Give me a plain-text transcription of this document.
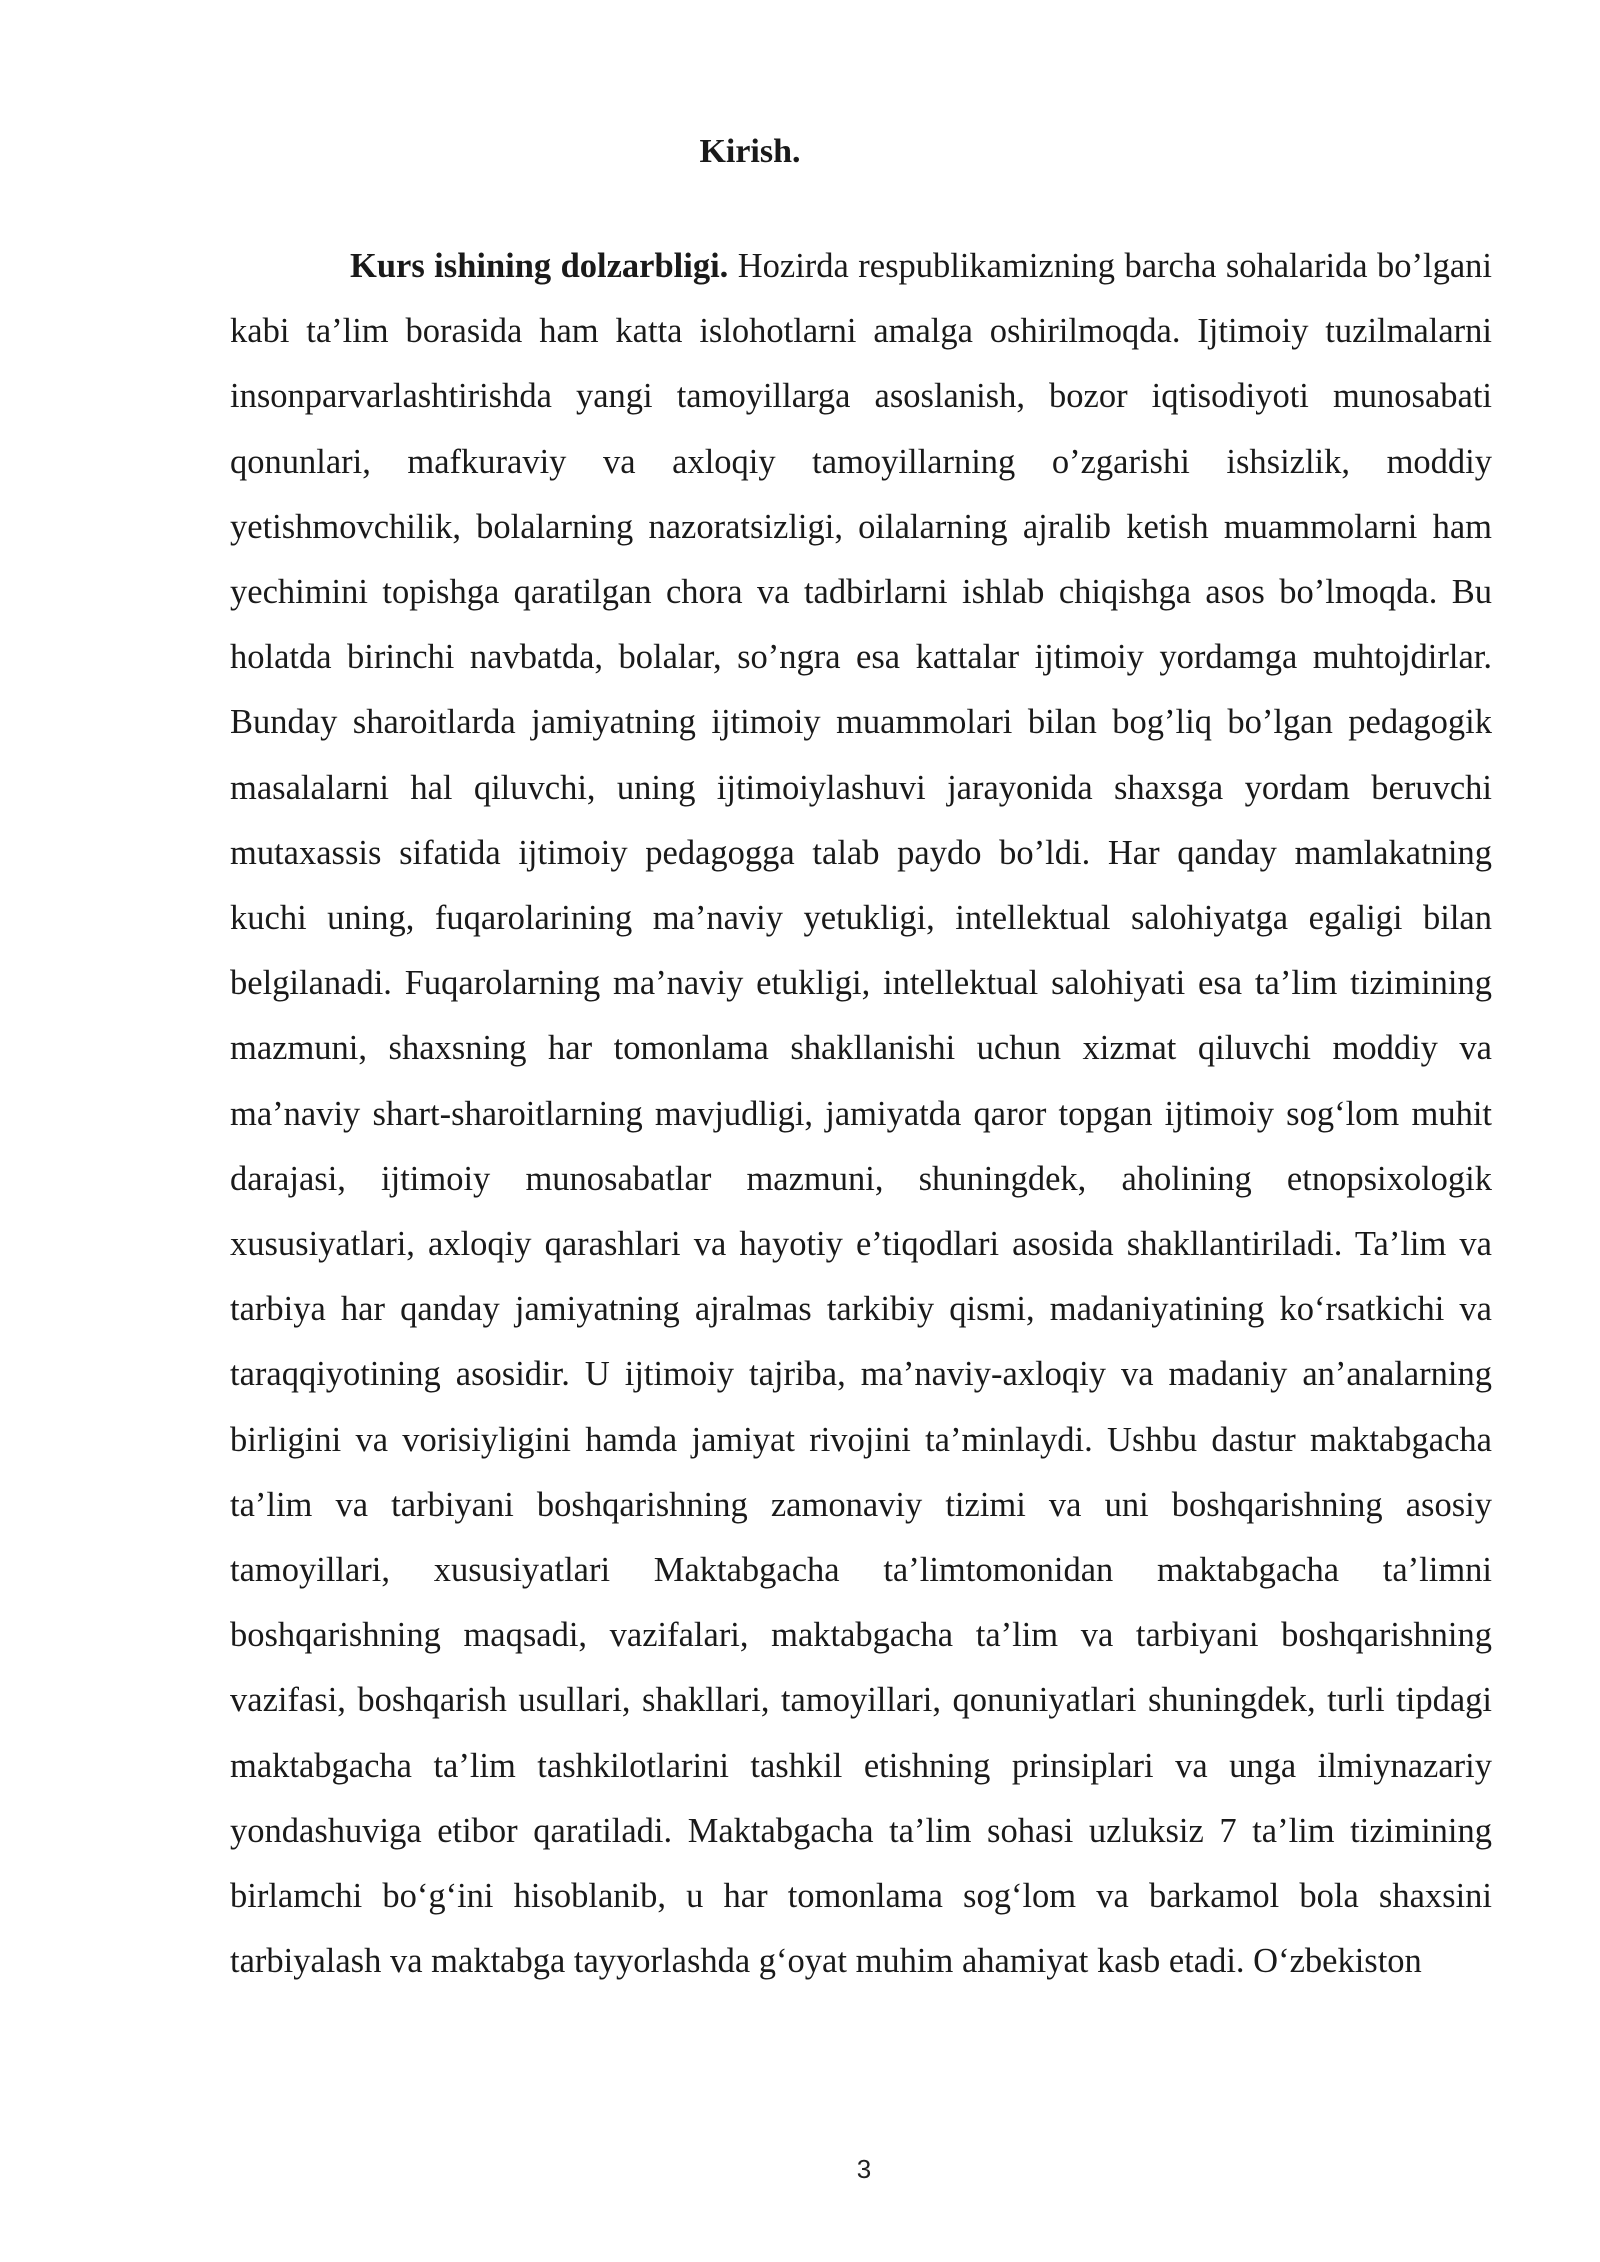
Kirish.

Kurs ishining dolzarbligi. Hozirda respublikamizning barcha sohalarida bo’lgani kabi ta’lim borasida ham katta islohotlarni amalga oshirilmoqda. Ijtimoiy tuzilmalarni insonparvarlashtirishda yangi tamoyillarga asoslanish, bozor iqtisodiyoti munosabati qonunlari, mafkuraviy va axloqiy tamoyillarning o’zgarishi ishsizlik, moddiy yetishmovchilik, bolalarning nazoratsizligi, oilalarning ajralib ketish muammolarni ham yechimini topishga qaratilgan chora va tadbirlarni ishlab chiqishga asos bo’lmoqda. Bu holatda birinchi navbatda, bolalar, so’ngra esa kattalar ijtimoiy yordamga muhtojdirlar. Bunday sharoitlarda jamiyatning ijtimoiy muammolari bilan bog’liq bo’lgan pedagogik masalalarni hal qiluvchi, uning ijtimoiylashuvi jarayonida shaxsga yordam beruvchi mutaxassis sifatida ijtimoiy pedagogga talab paydo bo’ldi. Har qanday mamlakatning kuchi uning, fuqarolarining ma’naviy yetukligi, intellektual salohiyatga egaligi bilan belgilanadi. Fuqarolarning ma’naviy etukligi, intellektual salohiyati esa ta’lim tizimining mazmuni, shaxsning har tomonlama shakllanishi uchun xizmat qiluvchi moddiy va ma’naviy shart-sharoitlarning mavjudligi, jamiyatda qaror topgan ijtimoiy sog‘lom muhit darajasi, ijtimoiy munosabatlar mazmuni, shuningdek, aholining etnopsixologik xususiyatlari, axloqiy qarashlari va hayotiy e’tiqodlari asosida shakllantiriladi. Ta’lim va tarbiya har qanday jamiyatning ajralmas tarkibiy qismi, madaniyatining ko‘rsatkichi va taraqqiyotining asosidir. U ijtimoiy tajriba, ma’naviy-axloqiy va madaniy an’analarning birligini va vorisiyligini hamda jamiyat rivojini ta’minlaydi. Ushbu dastur maktabgacha ta’lim va tarbiyani boshqarishning zamonaviy tizimi va uni boshqarishning asosiy tamoyillari, xususiyatlari Maktabgacha ta’limtomonidan maktabgacha ta’limni boshqarishning maqsadi, vazifalari, maktabgacha ta’lim va tarbiyani boshqarishning vazifasi, boshqarish usullari, shakllari, tamoyillari, qonuniyatlari shuningdek, turli tipdagi maktabgacha ta’lim tashkilotlarini tashkil etishning prinsiplari va unga ilmiynazariy yondashuviga etibor qaratiladi. Maktabgacha ta’lim sohasi uzluksiz 7 ta’lim tizimining birlamchi bo‘g‘ini hisoblanib, u har tomonlama sog‘lom va barkamol bola shaxsini tarbiyalash va maktabga tayyorlashda g‘oyat muhim ahamiyat kasb etadi. O‘zbekiston

3
